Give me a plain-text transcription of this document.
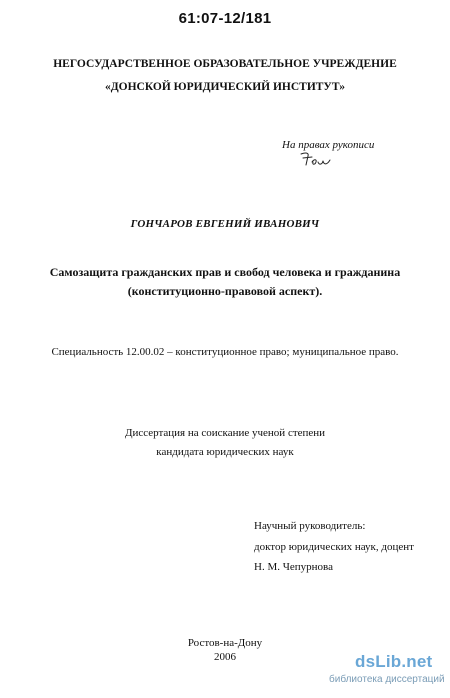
61:07-12/181
НЕГОСУДАРСТВЕННОЕ ОБРАЗОВАТЕЛЬНОЕ УЧРЕЖДЕНИЕ
«ДОНСКОЙ ЮРИДИЧЕСКИЙ ИНСТИТУТ»
На правах рукописи
ГОНЧАРОВ ЕВГЕНИЙ ИВАНОВИЧ
Самозащита гражданских прав и свобод человека и гражданина
(конституционно-правовой аспект).
Специальность 12.00.02 – конституционное право; муниципальное право.
Диссертация на соискание ученой степени
кандидата юридических наук
Научный руководитель:
доктор юридических наук, доцент
Н. М. Чепурнова
Ростов-на-Дону
2006	dsLib.net
библиотека диссертаций
